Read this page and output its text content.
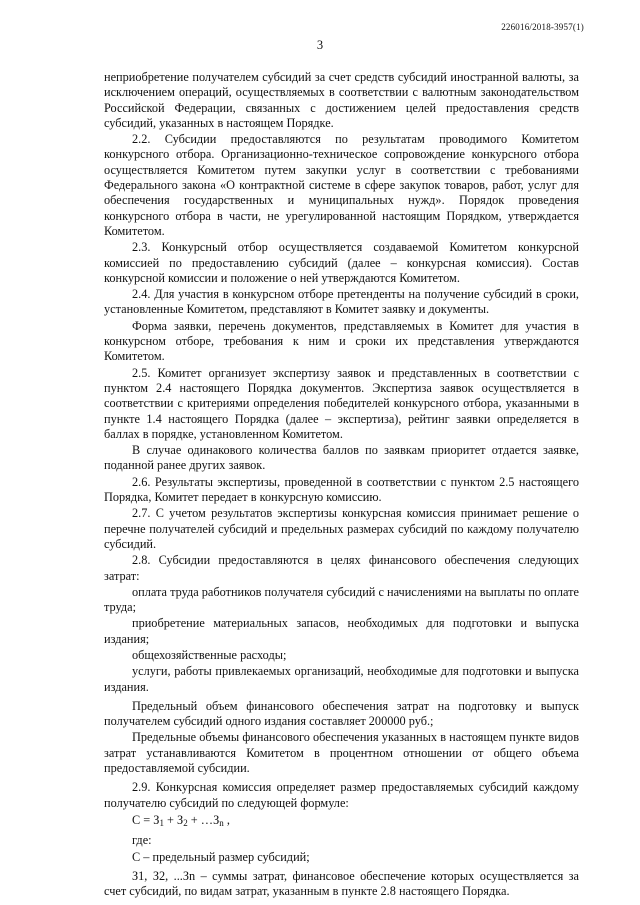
226016/2018-3957(1)
3

неприобретение получателем субсидий за счет средств субсидий иностранной валюты, за исключением операций, осуществляемых в соответствии с валютным законодательством Российской Федерации, связанных с достижением целей предоставления средств субсидий, указанных в настоящем Порядке.

2.2. Субсидии предоставляются по результатам проводимого Комитетом конкурсного отбора. Организационно-техническое сопровождение конкурсного отбора осуществляется Комитетом путем закупки услуг в соответствии с требованиями Федерального закона «О контрактной системе в сфере закупок товаров, работ, услуг для обеспечения государственных и муниципальных нужд». Порядок проведения конкурсного отбора в части, не урегулированной настоящим Порядком, утверждается Комитетом.

2.3. Конкурсный отбор осуществляется создаваемой Комитетом конкурсной комиссией по предоставлению субсидий (далее – конкурсная комиссия). Состав конкурсной комиссии и положение о ней утверждаются Комитетом.

2.4. Для участия в конкурсном отборе претенденты на получение субсидий в сроки, установленные Комитетом, представляют в Комитет заявку и документы.

Форма заявки, перечень документов, представляемых в Комитет для участия в конкурсном отборе, требования к ним и сроки их представления утверждаются Комитетом.

2.5. Комитет организует экспертизу заявок и представленных в соответствии с пунктом 2.4 настоящего Порядка документов. Экспертиза заявок осуществляется в соответствии с критериями определения победителей конкурсного отбора, указанными в пункте 1.4 настоящего Порядка (далее – экспертиза), рейтинг заявки определяется в баллах в порядке, установленном Комитетом.

В случае одинакового количества баллов по заявкам приоритет отдается заявке, поданной ранее других заявок.

2.6. Результаты экспертизы, проведенной в соответствии с пунктом 2.5 настоящего Порядка, Комитет передает в конкурсную комиссию.

2.7. С учетом результатов экспертизы конкурсная комиссия принимает решение о перечне получателей субсидий и предельных размерах субсидий по каждому получателю субсидий.

2.8. Субсидии предоставляются в целях финансового обеспечения следующих затрат:

оплата труда работников получателя субсидий с начислениями на выплаты по оплате труда;

приобретение материальных запасов, необходимых для подготовки и выпуска издания;

общехозяйственные расходы;

услуги, работы привлекаемых организаций, необходимые для подготовки и выпуска издания.

Предельный объем финансового обеспечения затрат на подготовку и выпуск получателем субсидий одного издания составляет 200000 руб.;

Предельные объемы финансового обеспечения указанных в настоящем пункте видов затрат устанавливаются Комитетом в процентном отношении от общего объема предоставляемой субсидии.

2.9. Конкурсная комиссия определяет размер предоставляемых субсидий каждому получателю субсидий по следующей формуле:

$С = З_1 + З_2$ + $\dots З_n$ ,

где:

С – предельный размер субсидий;

З1, З2, ...Зn – суммы затрат, финансовое обеспечение которых осуществляется за счет субсидий, по видам затрат, указанным в пункте 2.8 настоящего Порядка.
